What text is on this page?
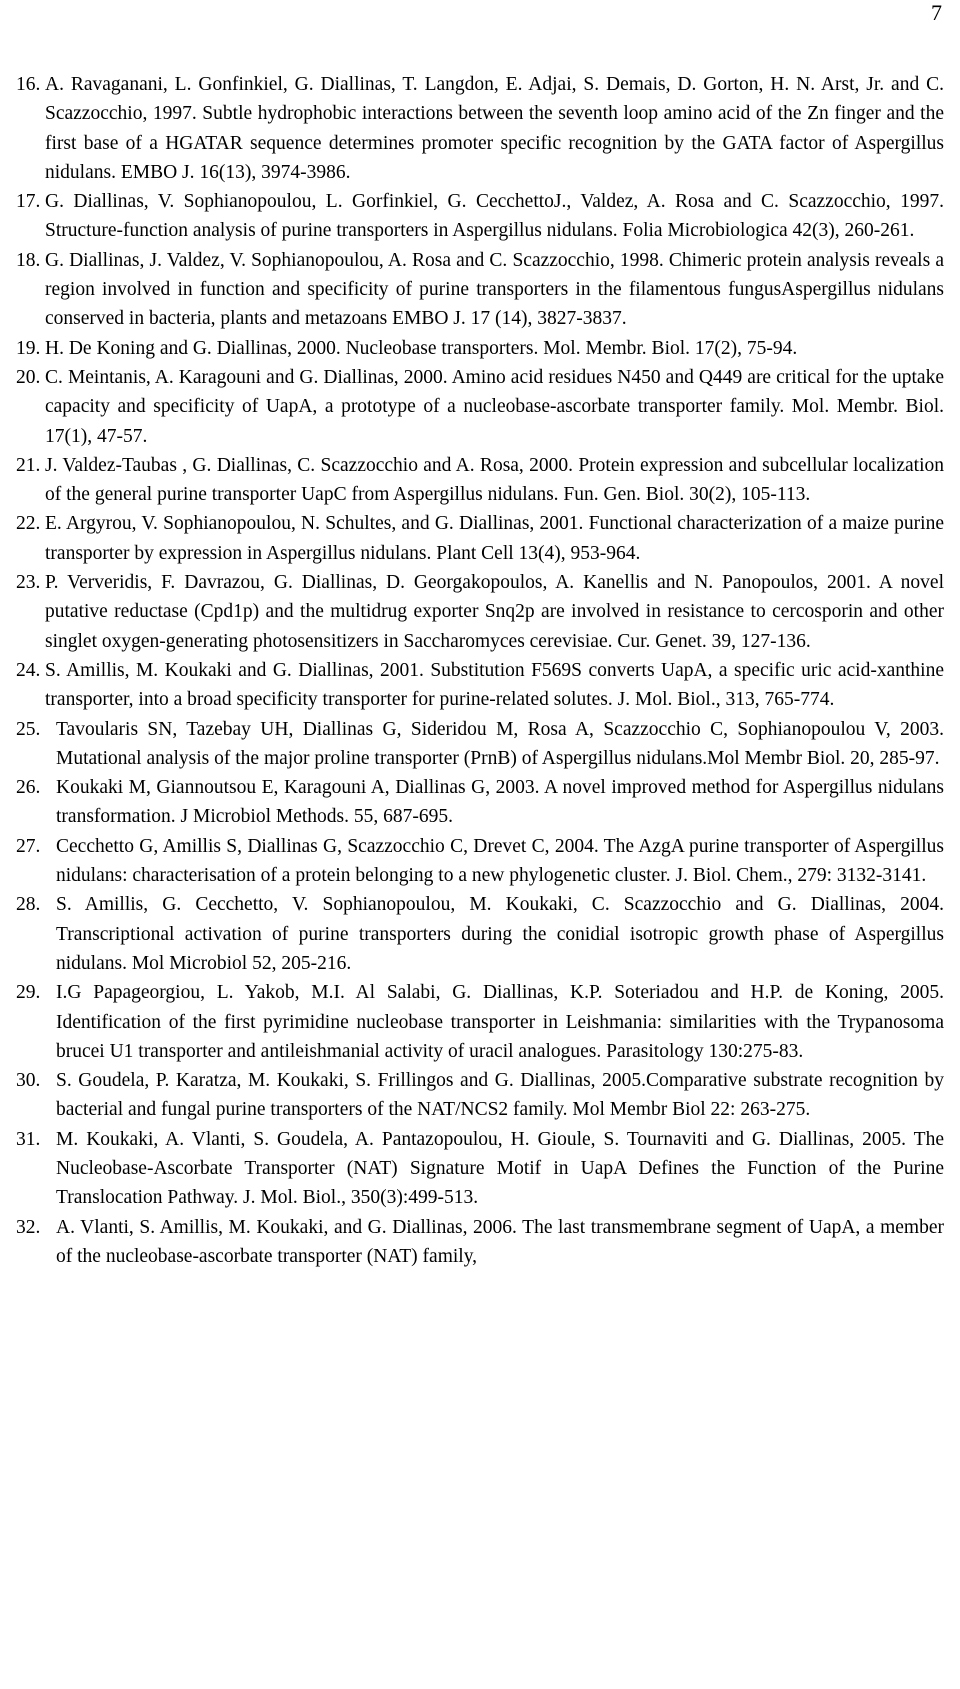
7

16. A. Ravaganani, L. Gonfinkiel, G. Diallinas, T. Langdon, E. Adjai, S. Demais, D. Gorton, H. N. Arst, Jr. and C. Scazzocchio, 1997. Subtle hydrophobic interactions between the seventh loop amino acid of the Zn finger and the first base of a HGATAR sequence determines promoter specific recognition by the GATA factor of Aspergillus nidulans. EMBO J. 16(13), 3974-3986.

17. G. Diallinas, V. Sophianopoulou, L. Gorfinkiel, G. CecchettoJ., Valdez, A. Rosa and C. Scazzocchio, 1997. Structure-function analysis of purine transporters in Aspergillus nidulans. Folia Microbiologica 42(3), 260-261.

18. G. Diallinas, J. Valdez, V. Sophianopoulou, A. Rosa and C. Scazzocchio, 1998. Chimeric protein analysis reveals a region involved in function and specificity of purine transporters in the filamentous fungusAspergillus nidulans conserved in bacteria, plants and metazoans EMBO J. 17 (14), 3827-3837.

19. H. De Koning and G. Diallinas, 2000. Nucleobase transporters. Mol. Membr. Biol. 17(2), 75-94.

20. C. Meintanis, A. Karagouni and G. Diallinas, 2000. Amino acid residues N450 and Q449 are critical for the uptake capacity and specificity of UapA, a prototype of a nucleobase-ascorbate transporter family. Mol. Membr. Biol. 17(1), 47-57.

21. J. Valdez-Taubas , G. Diallinas, C. Scazzocchio and A. Rosa, 2000. Protein expression and subcellular localization of the general purine transporter UapC from Aspergillus nidulans. Fun. Gen. Biol. 30(2), 105-113.

22. E. Argyrou, V. Sophianopoulou, N. Schultes, and G. Diallinas, 2001. Functional characterization of a maize purine transporter by expression in Aspergillus nidulans. Plant Cell 13(4), 953-964.

23. P. Ververidis, F. Davrazou, G. Diallinas, D. Georgakopoulos, A. Kanellis and N. Panopoulos, 2001. A novel putative reductase (Cpd1p) and the multidrug exporter Snq2p are involved in resistance to cercosporin and other singlet oxygen-generating photosensitizers in Saccharomyces cerevisiae. Cur. Genet. 39, 127-136.

24. S. Amillis, M. Koukaki and G. Diallinas, 2001. Substitution F569S converts UapA, a specific uric acid-xanthine transporter, into a broad specificity transporter for purine-related solutes. J. Mol. Biol., 313, 765-774.

25. Tavoularis SN, Tazebay UH, Diallinas G, Sideridou M, Rosa A, Scazzocchio C, Sophianopoulou V, 2003. Mutational analysis of the major proline transporter (PrnB) of Aspergillus nidulans.Mol Membr Biol. 20, 285-97.

26. Koukaki M, Giannoutsou E, Karagouni A, Diallinas G, 2003. A novel improved method for Aspergillus nidulans transformation. J Microbiol Methods. 55, 687-695.

27. Cecchetto G, Amillis S, Diallinas G, Scazzocchio C, Drevet C, 2004. The AzgA purine transporter of Aspergillus nidulans: characterisation of a protein belonging to a new phylogenetic cluster. J. Biol. Chem., 279: 3132-3141.

28. S. Amillis, G. Cecchetto, V. Sophianopoulou, M. Koukaki, C. Scazzocchio and G. Diallinas, 2004. Transcriptional activation of purine transporters during the conidial isotropic growth phase of Aspergillus nidulans. Mol Microbiol 52, 205-216.

29. I.G Papageorgiou, L. Yakob, M.I. Al Salabi, G. Diallinas, K.P. Soteriadou and H.P. de Koning, 2005. Identification of the first pyrimidine nucleobase transporter in Leishmania: similarities with the Trypanosoma brucei U1 transporter and antileishmanial activity of uracil analogues. Parasitology 130:275-83.

30. S. Goudela, P. Karatza, M. Koukaki, S. Frillingos and G. Diallinas, 2005.Comparative substrate recognition by bacterial and fungal purine transporters of the NAT/NCS2 family. Mol Membr Biol 22: 263-275.

31. M. Koukaki, A. Vlanti, S. Goudela, A. Pantazopoulou, H. Gioule, S. Tournaviti and G. Diallinas, 2005. The Nucleobase-Ascorbate Transporter (NAT) Signature Motif in UapA Defines the Function of the Purine Translocation Pathway. J. Mol. Biol., 350(3):499-513.

32. A. Vlanti, S. Amillis, M. Koukaki, and G. Diallinas, 2006. The last transmembrane segment of UapA, a member of the nucleobase-ascorbate transporter (NAT) family,
